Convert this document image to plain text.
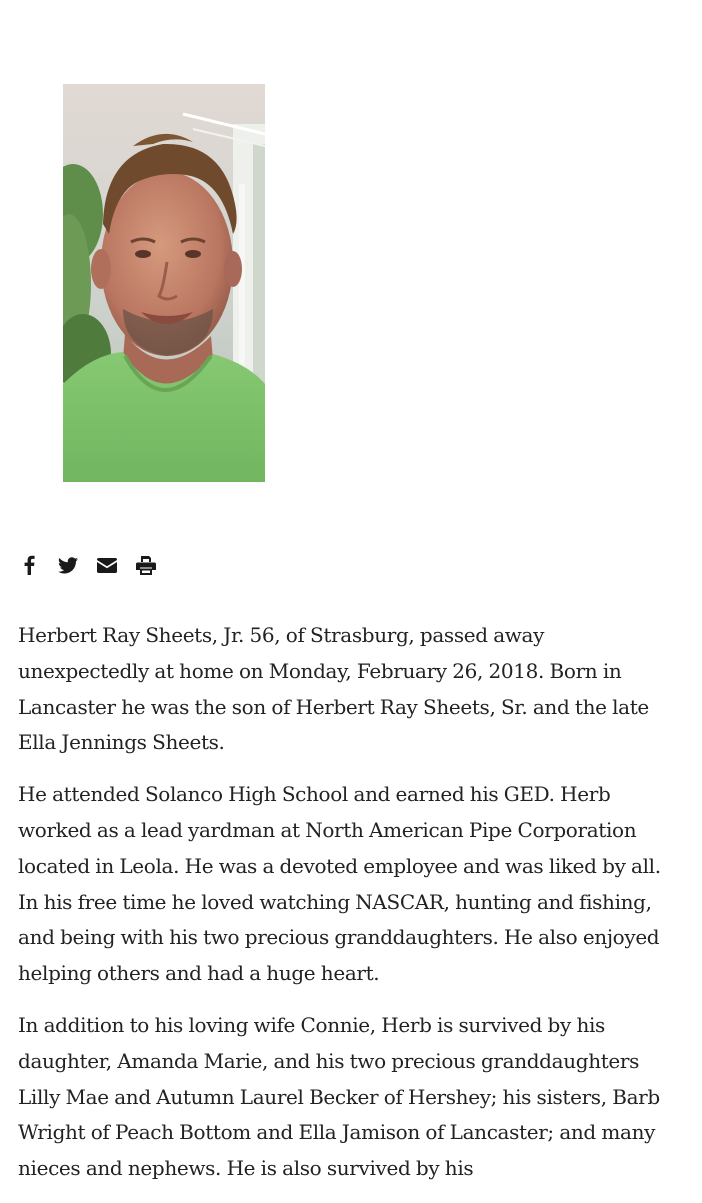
Herbert Ray Sheets, Jr. 56, of Strasburg, passed away unexpectedly at home on Monday, February 26, 2018. Born in Lancaster he was the son of Herbert Ray Sheets, Sr. and the late Ella Jennings Sheets.

He attended Solanco High School and earned his GED. Herb worked as a lead yardman at North American Pipe Corporation located in Leola. He was a devoted employee and was liked by all. In his free time he loved watching NASCAR, hunting and fishing, and being with his two precious granddaughters. He also enjoyed helping others and had a huge heart.

In addition to his loving wife Connie, Herb is survived by his daughter, Amanda Marie, and his two precious granddaughters Lilly Mae and Autumn Laurel Becker of Hershey; his sisters, Barb Wright of Peach Bottom and Ella Jamison of Lancaster; and many nieces and nephews. He is also survived by his
